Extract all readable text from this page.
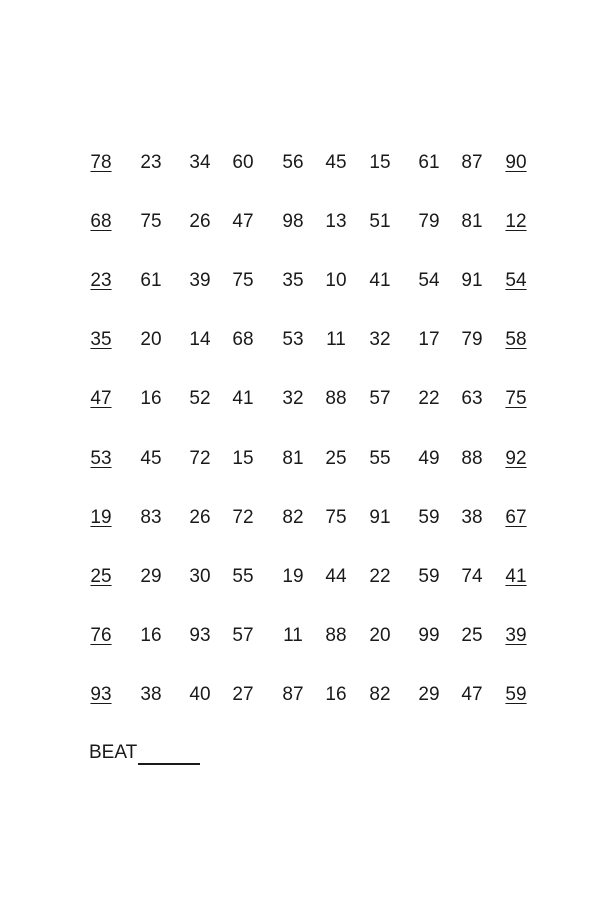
78 23 34 60 56 45 15 61 87 90
68 75 26 47 98 13 51 79 81 12
23 61 39 75 35 10 41 54 91 54
35 20 14 68 53 11 32 17 79 58
47 16 52 41 32 88 57 22 63 75
53 45 72 15 81 25 55 49 88 92
19 83 26 72 82 75 91 59 38 67
25 29 30 55 19 44 22 59 74 41
76 16 93 57 11 88 20 99 25 39
93 38 40 27 87 16 82 29 47 59
BEAT
